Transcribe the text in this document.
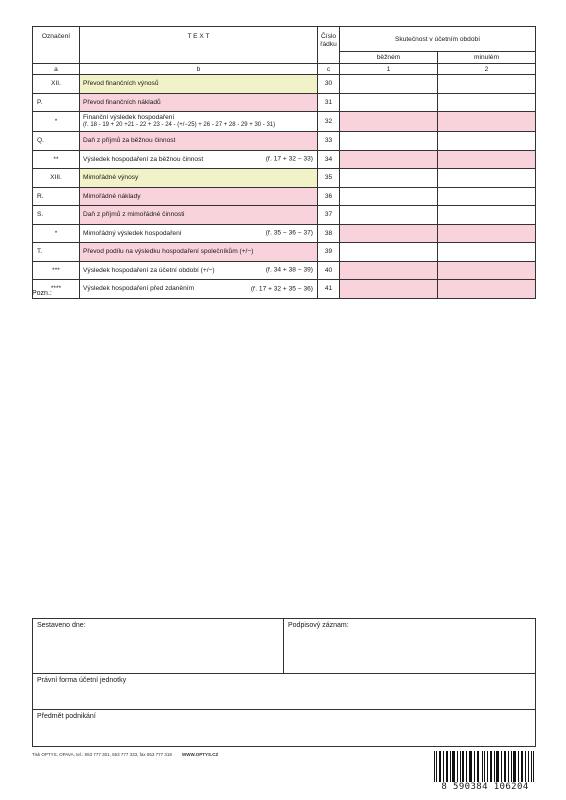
Označení	T E X T	Číslo
řádku	Skutečnost v účetním období	
			běžném	minulém
a	b	c	1	2
XII.	Převod finančních výnosů	30		
P.	Převod finančních nákladů	31		
*	Finanční výsledek hospodaření
(ř. 18 - 19 + 20 +21 - 22 + 23 - 24 - (+/−25) + 26 - 27 + 28 - 29 + 30 - 31)	32		
Q.	Daň z příjmů za běžnou činnost	33		
**	Výsledek hospodaření za běžnou činnost (ř. 17 + 32 − 33)	34		
XIII.	Mimořádné výnosy	35		
R.	Mimořádné náklady	36		
S.	Daň z příjmů z mimořádné činnosti	37		
*	Mimořádný výsledek hospodaření (ř. 35 − 36 − 37)	38		
T.	Převod podílu na výsledku hospodaření společníkům (+/−)	39		
***	Výsledek hospodaření za účetní období (+/−) (ř. 34 + 38 − 39)	40		
****	Výsledek hospodaření před zdaněním (ř. 17 + 32 + 35 − 36)	41		
Pozn.:
Sestaveno dne:	Podpisový záznam:
Právní forma účetní jednotky
Předmět podnikání
Tisk OPTYS, OPAVA, tel.: 553 777 301, 553 777 333, fax 553 777 318 WWW.OPTYS.CZ
8 590384 106204
